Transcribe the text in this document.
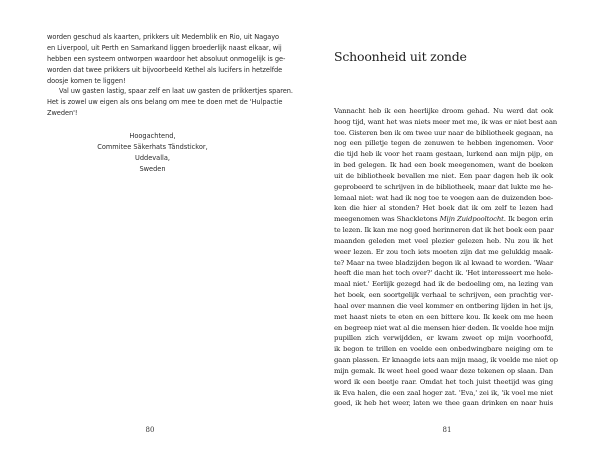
worden geschud als kaarten, prikkers uit Medemblik en Rio, uit Nagayo
en Liverpool, uit Perth en Samarkand liggen broederlijk naast elkaar, wij
hebben een systeem ontworpen waardoor het absoluut onmogelijk is ge-
worden dat twee prikkers uit bijvoorbeeld Kethel als lucifers in hetzelfde
doosje komen te liggen!
Val uw gasten lastig, spaar zelf en laat uw gasten de prikkertjes sparen.
Het is zowel uw eigen als ons belang om mee te doen met de 'Hulpactie
Zweden'!
Hoogachtend,
Commitee Säkerhats Tändstickor,
Uddevalla,
Sweden
80
Schoonheid uit zonde
Vannacht heb ik een heerlijke droom gehad. Nu werd dat ook
hoog tijd, want het was niets meer met me, ik was er niet best aan
toe. Gisteren ben ik om twee uur naar de bibliotheek gegaan, na
nog een pilletje tegen de zenuwen te hebben ingenomen. Voor
die tijd heb ik voor het raam gestaan, lurkend aan mijn pijp, en
in bed gelegen. Ik had een boek meegenomen, want de boeken
uit de bibliotheek bevallen me niet. Een paar dagen heb ik ook
geprobeerd te schrijven in de bibliotheek, maar dat lukte me he-
lemaal niet: wat had ik nog toe te voegen aan de duizenden boe-
ken die hier al stonden? Het boek dat ik om zelf te lezen had
meegenomen was Shackletons Mijn Zuidpooltocht. Ik begon erin
te lezen. Ik kan me nog goed herinneren dat ik het boek een paar
maanden geleden met veel plezier gelezen heb. Nu zou ik het
weer lezen. Er zou toch iets moeten zijn dat me gelukkig maak-
te? Maar na twee bladzijden begon ik al kwaad te worden. 'Waar
heeft die man het toch over?' dacht ik. 'Het interesseert me hele-
maal niet.' Eerlijk gezegd had ik de bedoeling om, na lezing van
het boek, een soortgelijk verhaal te schrijven, een prachtig ver-
haal over mannen die veel kommer en ontbering lijden in het ijs,
met haast niets te eten en een bittere kou. Ik keek om me heen
en begreep niet wat al die mensen hier deden. Ik voelde hoe mijn
pupillen zich verwijdden, er kwam zweet op mijn voorhoofd,
ik begon te trillen en voelde een onbedwingbare neiging om te
gaan plassen. Er knaagde iets aan mijn maag, ik voelde me niet op
mijn gemak. Ik weet heel goed waar deze tekenen op slaan. Dan
word ik een beetje raar. Omdat het toch juist theetijd was ging
ik Eva halen, die een zaal hoger zat. 'Eva,' zei ik, 'ik voel me niet
goed, ik heb het weer, laten we thee gaan drinken en naar huis
81
